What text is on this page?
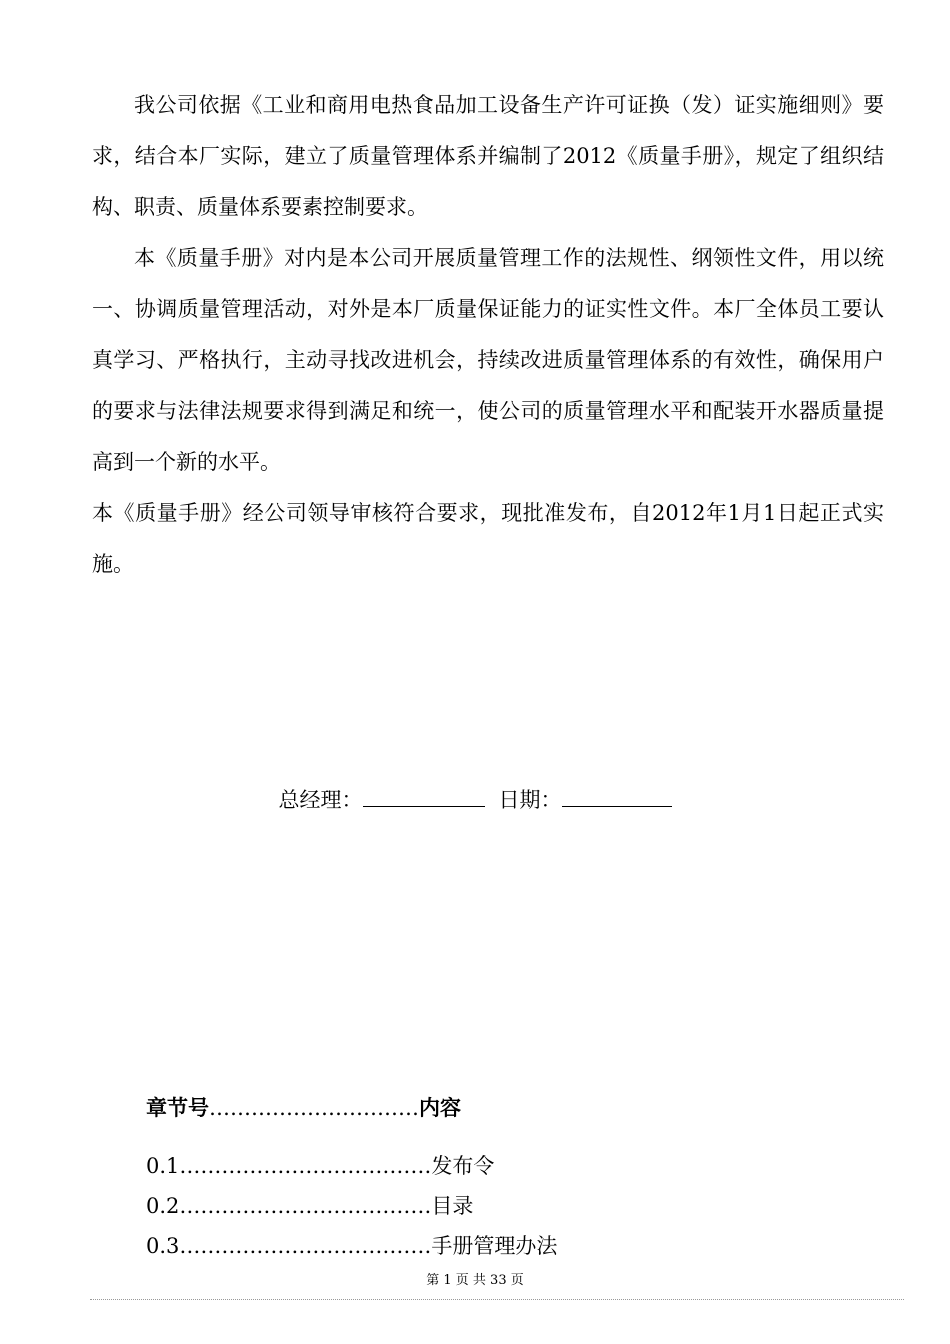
我公司依据《工业和商用电热食品加工设备生产许可证换（发）证实施细则》要求，结合本厂实际，建立了质量管理体系并编制了2012《质量手册》，规定了组织结构、职责、质量体系要素控制要求。

本《质量手册》对内是本公司开展质量管理工作的法规性、纲领性文件，用以统一、协调质量管理活动，对外是本厂质量保证能力的证实性文件。本厂全体员工要认真学习、严格执行，主动寻找改进机会，持续改进质量管理体系的有效性，确保用户的要求与法律法规要求得到满足和统一，使公司的质量管理水平和配装开水器质量提高到一个新的水平。

本《质量手册》经公司领导审核符合要求，现批准发布，自2012年1月1日起正式实施。

总经理：	日期：
章节号…………………………内容
0.1………………………………发布令
0.2………………………………目录
0.3………………………………手册管理办法
第 1 页 共 33 页
